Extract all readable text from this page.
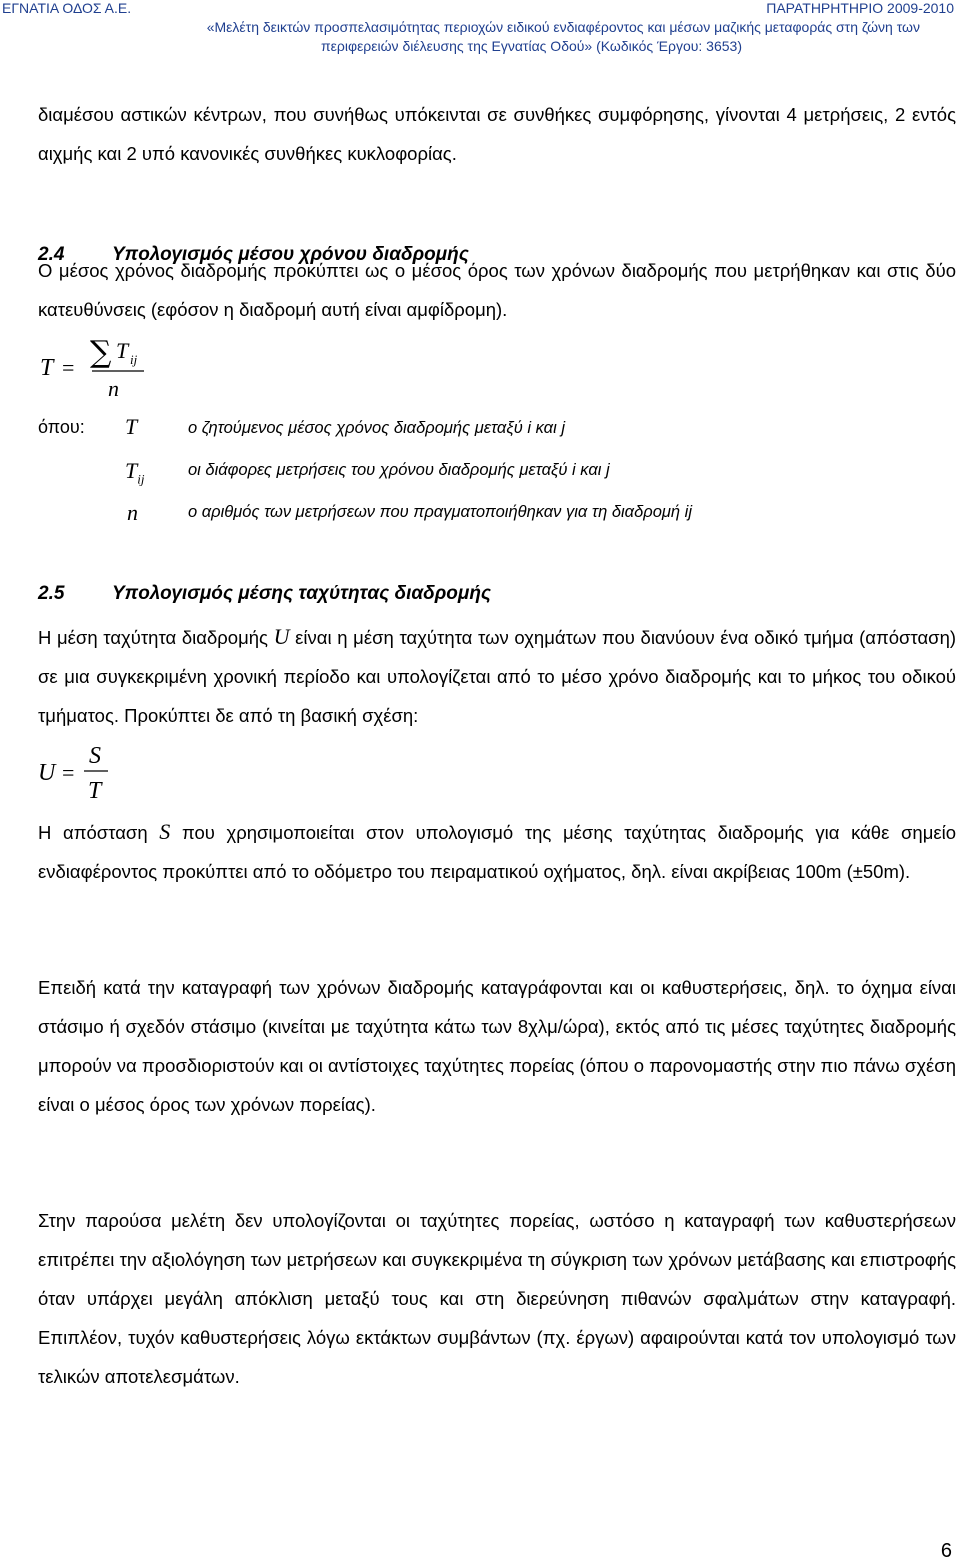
ΕΓΝΑΤΙΑ ΟΔΟΣ Α.Ε.	ΠΑΡΑΤΗΡΗΤΗΡΙΟ 2009-2010
«Μελέτη δεικτών προσπελασιμότητας περιοχών ειδικού ενδιαφέροντος και μέσων μαζικής μεταφοράς στη ζώνη των
περιφερειών διέλευσης της Εγνατίας Οδού» (Κωδικός Έργου: 3653)
διαμέσου αστικών κέντρων, που συνήθως υπόκεινται σε συνθήκες συμφόρησης, γίνονται 4 μετρήσεις, 2 εντός αιχμής και 2 υπό κανονικές συνθήκες κυκλοφορίας.
2.4	Υπολογισμός μέσου χρόνου διαδρομής
Ο μέσος χρόνος διαδρομής προκύπτει ως ο μέσος όρος των χρόνων διαδρομής που μετρήθηκαν και στις δύο κατευθύνσεις (εφόσον η διαδρομή αυτή είναι αμφίδρομη).
T = ∑ T ij
n
όπου: T	ο ζητούμενος μέσος χρόνος διαδρομής μεταξύ i και j
$T_{ij}$	οι διάφορες μετρήσεις του χρόνου διαδρομής μεταξύ i και j
n	ο αριθμός των μετρήσεων που πραγματοποιήθηκαν για τη διαδρομή ij
2.5	Υπολογισμός μέσης ταχύτητας διαδρομής
Η μέση ταχύτητα διαδρομής U είναι η μέση ταχύτητα των οχημάτων που διανύουν ένα οδικό τμήμα (απόσταση) σε μια συγκεκριμένη χρονική περίοδο και υπολογίζεται από το μέσο χρόνο διαδρομής και το μήκος του οδικού τμήματος. Προκύπτει δε από τη βασική σχέση:
U =
S
T
Η απόσταση S που χρησιμοποιείται στον υπολογισμό της μέσης ταχύτητας διαδρομής για κάθε σημείο ενδιαφέροντος προκύπτει από το οδόμετρο του πειραματικού οχήματος, δηλ. είναι ακρίβειας 100m (±50m).
Επειδή κατά την καταγραφή των χρόνων διαδρομής καταγράφονται και οι καθυστερήσεις, δηλ. το όχημα είναι στάσιμο ή σχεδόν στάσιμο (κινείται με ταχύτητα κάτω των 8χλμ/ώρα), εκτός από τις μέσες ταχύτητες διαδρομής μπορούν να προσδιοριστούν και οι αντίστοιχες ταχύτητες πορείας (όπου ο παρονομαστής στην πιο πάνω σχέση είναι ο μέσος όρος των χρόνων πορείας).
Στην παρούσα μελέτη δεν υπολογίζονται οι ταχύτητες πορείας, ωστόσο η καταγραφή των καθυστερήσεων επιτρέπει την αξιολόγηση των μετρήσεων και συγκεκριμένα τη σύγκριση των χρόνων μετάβασης και επιστροφής όταν υπάρχει μεγάλη απόκλιση μεταξύ τους και στη διερεύνηση πιθανών σφαλμάτων στην καταγραφή. Επιπλέον, τυχόν καθυστερήσεις λόγω εκτάκτων συμβάντων (πχ. έργων) αφαιρούνται κατά τον υπολογισμό των τελικών αποτελεσμάτων.
6
